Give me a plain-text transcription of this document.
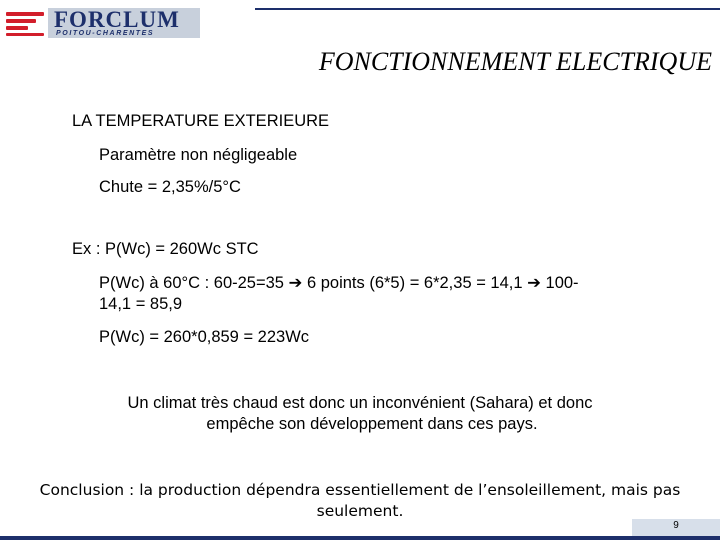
FORCLUM
POITOU-CHARENTES
FONCTIONNEMENT ELECTRIQUE
LA TEMPERATURE EXTERIEURE
Paramètre non négligeable
Chute = 2,35%/5°C
Ex : P(Wc) = 260Wc STC
P(Wc) à 60°C : 60-25=35 ➔ 6 points (6*5) = 6*2,35 = 14,1 ➔ 100-
14,1 = 85,9
P(Wc) = 260*0,859 = 223Wc
Un climat très chaud est donc un inconvénient (Sahara) et donc
empêche son développement dans ces pays.
Conclusion : la production dépendra essentiellement de l’ensoleillement, mais pas
seulement.
9
